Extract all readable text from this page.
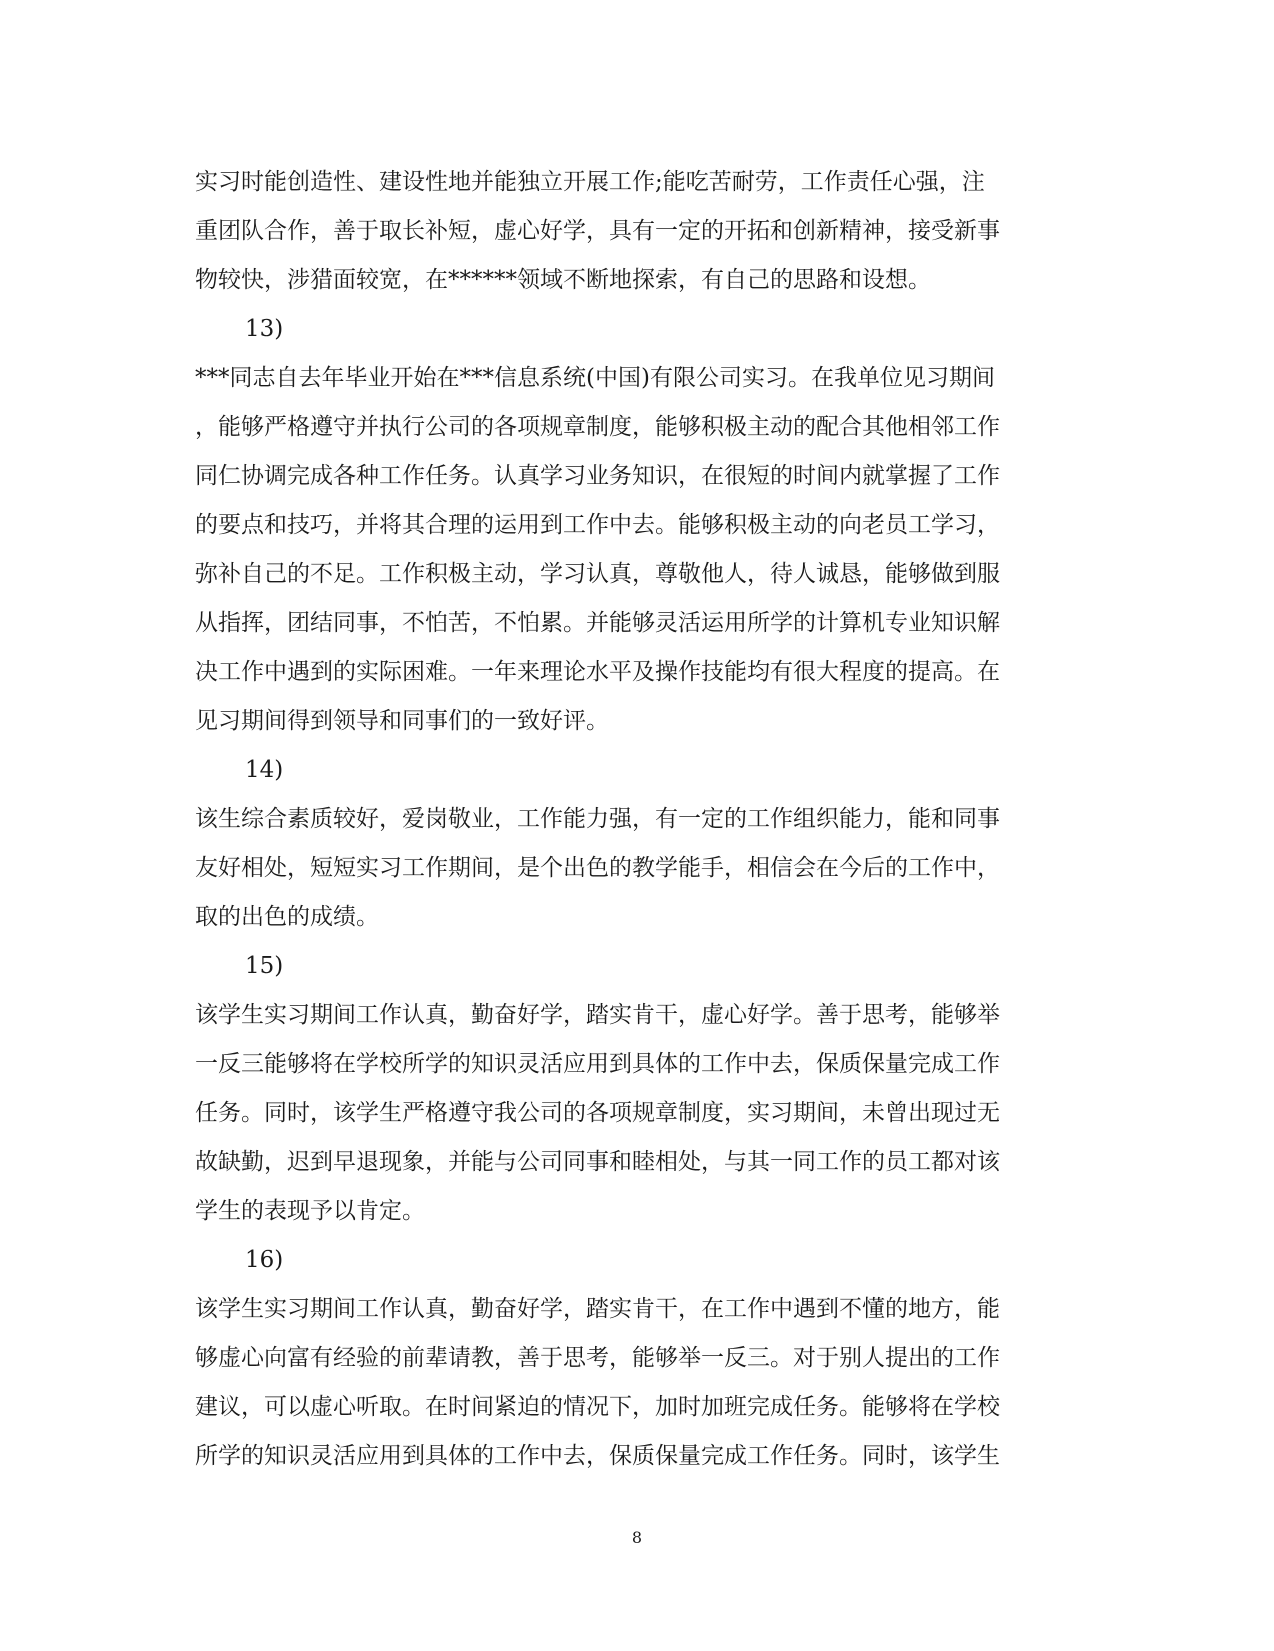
实习时能创造性、建设性地并能独立开展工作;能吃苦耐劳，工作责任心强，注
重团队合作，善于取长补短，虚心好学，具有一定的开拓和创新精神，接受新事
物较快，涉猎面较宽，在******领域不断地探索，有自己的思路和设想。
13)
***同志自去年毕业开始在***信息系统(中国)有限公司实习。在我单位见习期间
，能够严格遵守并执行公司的各项规章制度，能够积极主动的配合其他相邻工作
同仁协调完成各种工作任务。认真学习业务知识，在很短的时间内就掌握了工作
的要点和技巧，并将其合理的运用到工作中去。能够积极主动的向老员工学习，
弥补自己的不足。工作积极主动，学习认真，尊敬他人，待人诚恳，能够做到服
从指挥，团结同事，不怕苦，不怕累。并能够灵活运用所学的计算机专业知识解
决工作中遇到的实际困难。一年来理论水平及操作技能均有很大程度的提高。在
见习期间得到领导和同事们的一致好评。
14)
该生综合素质较好，爱岗敬业，工作能力强，有一定的工作组织能力，能和同事
友好相处，短短实习工作期间，是个出色的教学能手，相信会在今后的工作中，
取的出色的成绩。
15)
该学生实习期间工作认真，勤奋好学，踏实肯干，虚心好学。善于思考，能够举
一反三能够将在学校所学的知识灵活应用到具体的工作中去，保质保量完成工作
任务。同时，该学生严格遵守我公司的各项规章制度，实习期间，未曾出现过无
故缺勤，迟到早退现象，并能与公司同事和睦相处，与其一同工作的员工都对该
学生的表现予以肯定。
16)
该学生实习期间工作认真，勤奋好学，踏实肯干，在工作中遇到不懂的地方，能
够虚心向富有经验的前辈请教，善于思考，能够举一反三。对于别人提出的工作
建议，可以虚心听取。在时间紧迫的情况下，加时加班完成任务。能够将在学校
所学的知识灵活应用到具体的工作中去，保质保量完成工作任务。同时，该学生
8
